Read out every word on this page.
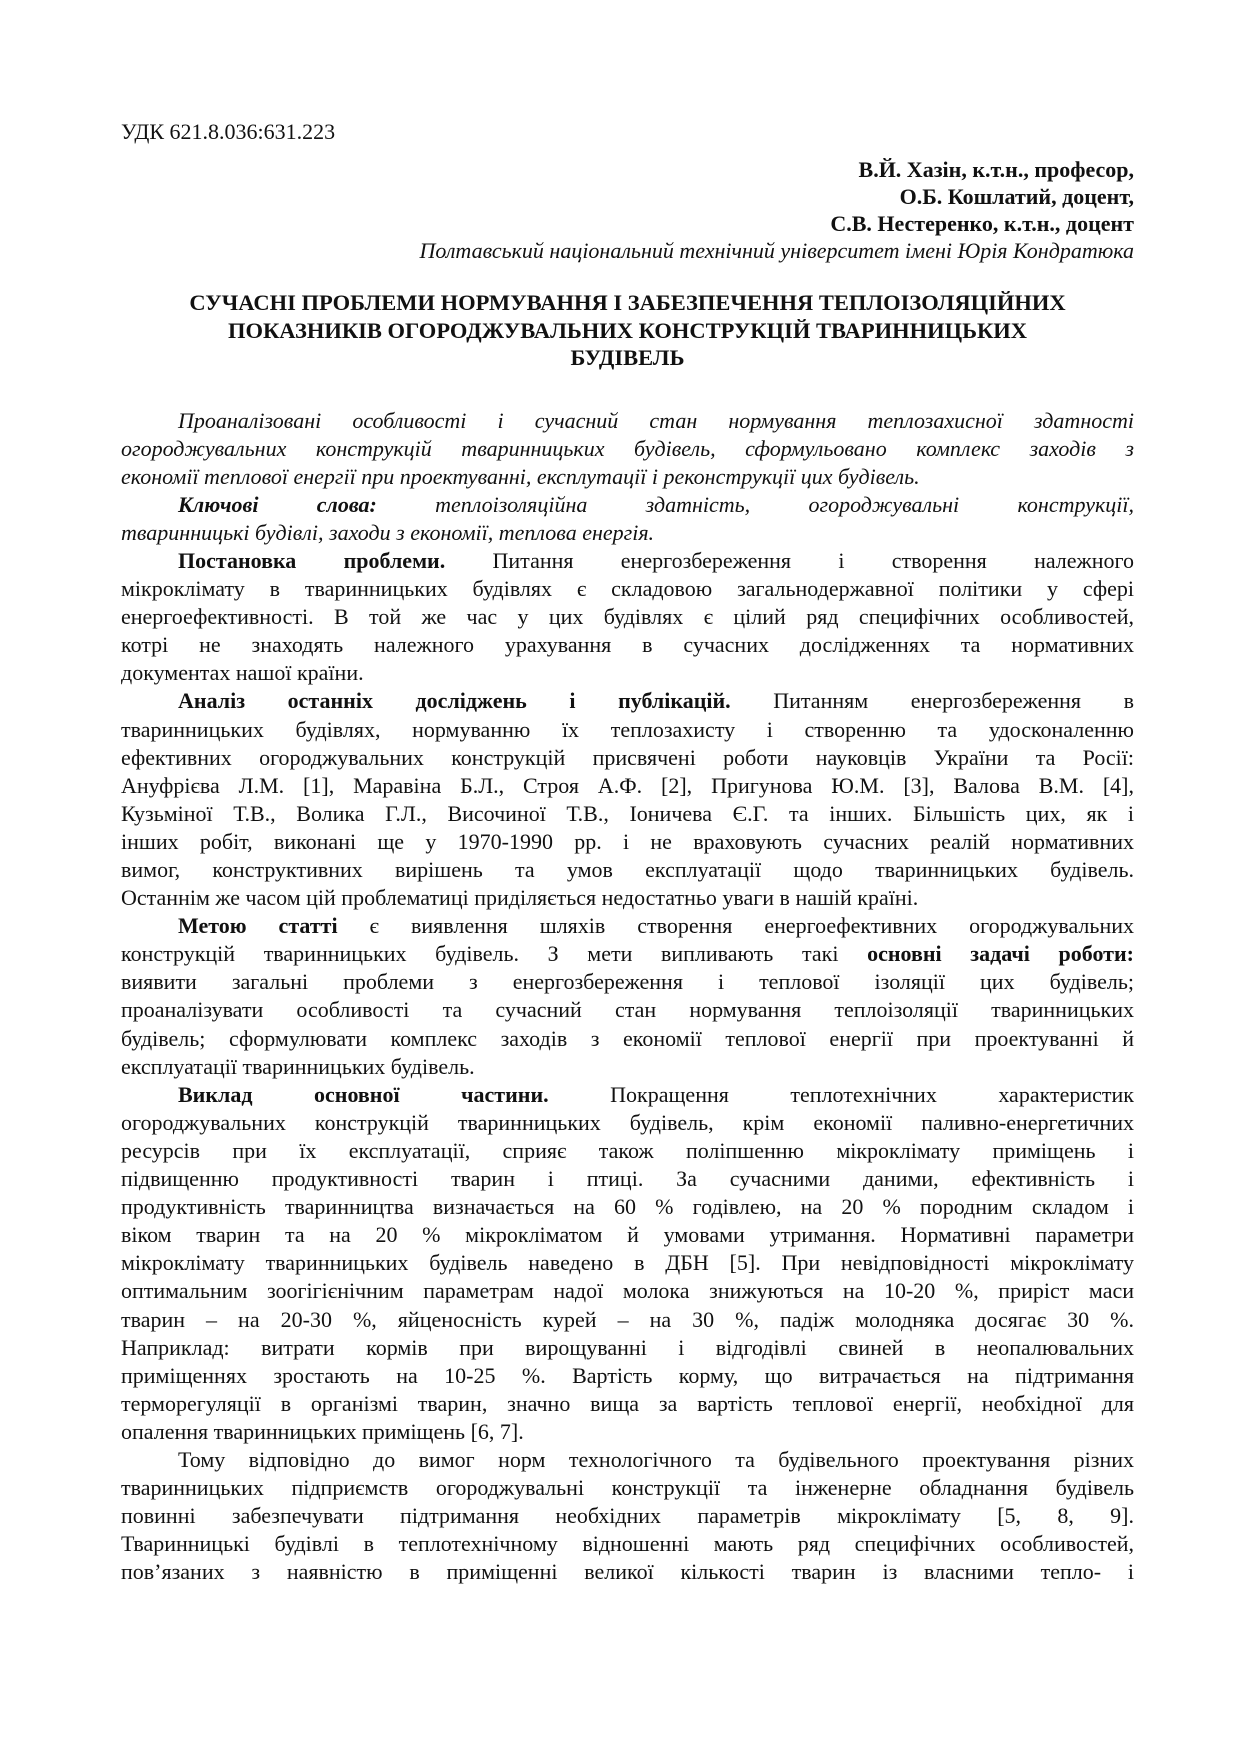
УДК 621.8.036:631.223
В.Й. Хазін, к.т.н., професор,
О.Б. Кошлатий, доцент,
С.В. Нестеренко, к.т.н., доцент
Полтавський національний технічний університет імені Юрія Кондратюка
СУЧАСНІ ПРОБЛЕМИ НОРМУВАННЯ І ЗАБЕЗПЕЧЕННЯ ТЕПЛОІЗОЛЯЦІЙНИХ
ПОКАЗНИКІВ ОГОРОДЖУВАЛЬНИХ КОНСТРУКЦІЙ ТВАРИННИЦЬКИХ
БУДІВЕЛЬ
Проаналізовані особливості і сучасний стан нормування теплозахисної здатності
огороджувальних конструкцій тваринницьких будівель, сформульовано комплекс заходів з
економії теплової енергії при проектуванні, експлутації і реконструкції цих будівель.
Ключові слова: теплоізоляційна здатність, огороджувальні конструкції,
тваринницькі будівлі, заходи з економії, теплова енергія.
Постановка проблеми. Питання енергозбереження і створення належного
мікроклімату в тваринницьких будівлях є складовою загальнодержавної політики у сфері
енергоефективності. В той же час у цих будівлях є цілий ряд специфічних особливостей,
котрі не знаходять належного урахування в сучасних дослідженнях та нормативних
документах нашої країни.
Аналіз останніх досліджень і публікацій. Питанням енергозбереження в
тваринницьких будівлях, нормуванню їх теплозахисту і створенню та удосконаленню
ефективних огороджувальних конструкцій присвячені роботи науковців України та Росії:
Ануфрієва Л.М. [1], Маравіна Б.Л., Строя А.Ф. [2], Пригунова Ю.М. [3], Валова В.М. [4],
Кузьміної Т.В., Волика Г.Л., Височиної Т.В., Іоничева Є.Г. та інших. Більшість цих, як і
інших робіт, виконані ще у 1970-1990 рр. і не враховують сучасних реалій нормативних
вимог, конструктивних вирішень та умов експлуатації щодо тваринницьких будівель.
Останнім же часом цій проблематиці приділяється недостатньо уваги в нашій країні.
Метою статті є виявлення шляхів створення енергоефективних огороджувальних
конструкцій тваринницьких будівель. З мети випливають такі основні задачі роботи:
виявити загальні проблеми з енергозбереження і теплової ізоляції цих будівель;
проаналізувати особливості та сучасний стан нормування теплоізоляції тваринницьких
будівель; сформулювати комплекс заходів з економії теплової енергії при проектуванні й
експлуатації тваринницьких будівель.
Виклад основної частини. Покращення теплотехнічних характеристик
огороджувальних конструкцій тваринницьких будівель, крім економії паливно-енергетичних
ресурсів при їх експлуатації, сприяє також поліпшенню мікроклімату приміщень і
підвищенню продуктивності тварин і птиці. За сучасними даними, ефективність і
продуктивність тваринництва визначається на 60 % годівлею, на 20 % породним складом і
віком тварин та на 20 % мікрокліматом й умовами утримання. Нормативні параметри
мікроклімату тваринницьких будівель наведено в ДБН [5]. При невідповідності мікроклімату
оптимальним зоогігієнічним параметрам надої молока знижуються на 10-20 %, приріст маси
тварин – на 20-30 %, яйценосність курей – на 30 %, падіж молодняка досягає 30 %.
Наприклад: витрати кормів при вирощуванні і відгодівлі свиней в неопалювальних
приміщеннях зростають на 10-25 %. Вартість корму, що витрачається на підтримання
терморегуляції в організмі тварин, значно вища за вартість теплової енергії, необхідної для
опалення тваринницьких приміщень [6, 7].
Тому відповідно до вимог норм технологічного та будівельного проектування різних
тваринницьких підприємств огороджувальні конструкції та інженерне обладнання будівель
повинні забезпечувати підтримання необхідних параметрів мікроклімату [5, 8, 9].
Тваринницькі будівлі в теплотехнічному відношенні мають ряд специфічних особливостей,
пов’язаних з наявністю в приміщенні великої кількості тварин із власними тепло- і
